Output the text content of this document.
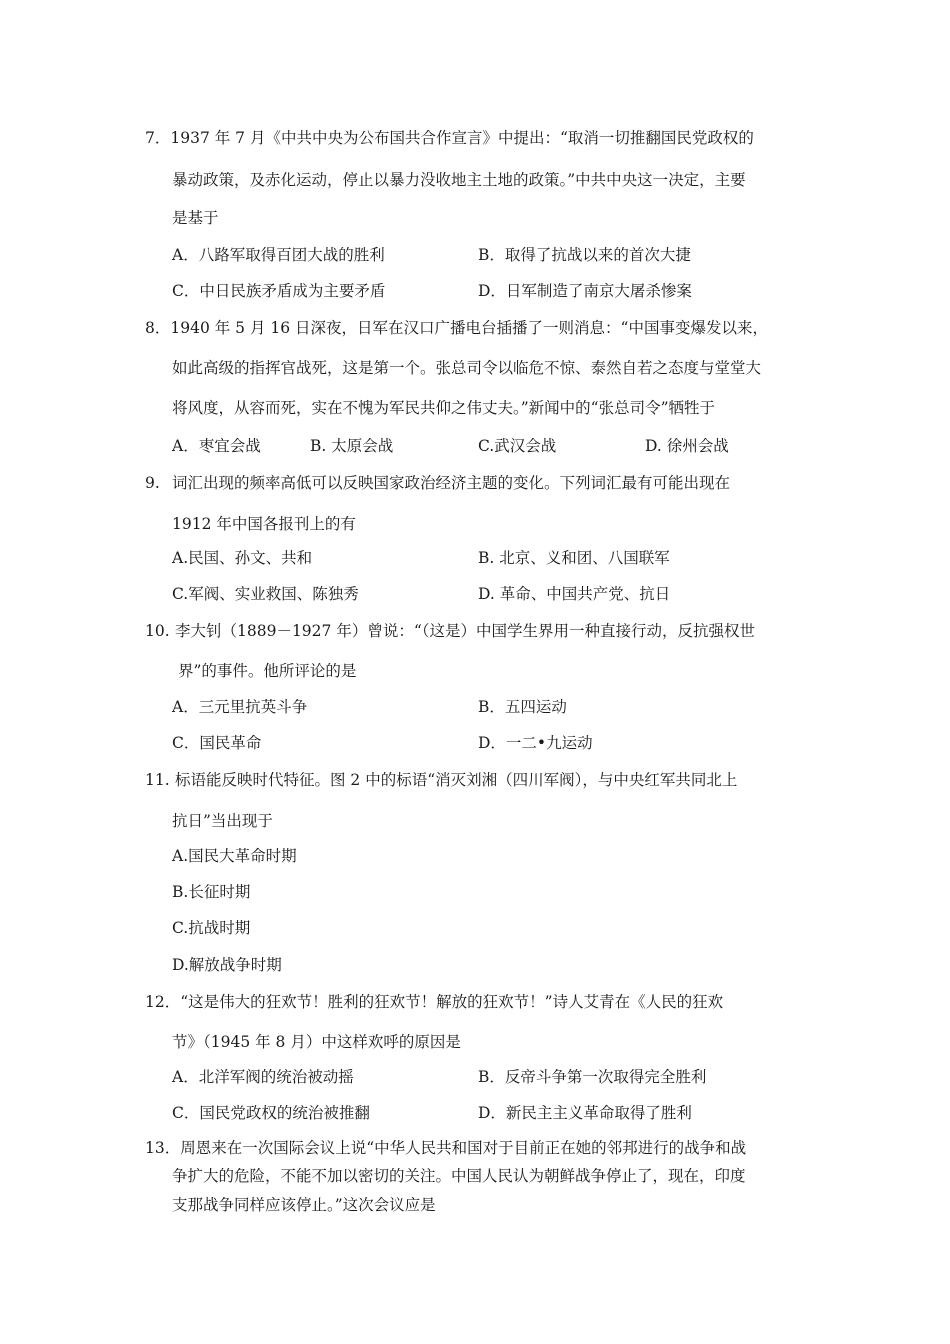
7．1937 年 7 月《中共中央为公布国共合作宣言》中提出：“取消一切推翻国民党政权的
暴动政策，及赤化运动，停止以暴力没收地主土地的政策。”中共中央这一决定，主要
是基于
A．八路军取得百团大战的胜利	B．取得了抗战以来的首次大捷
C．中日民族矛盾成为主要矛盾	D．日军制造了南京大屠杀惨案
8．1940 年 5 月 16 日深夜，日军在汉口广播电台插播了一则消息：“中国事变爆发以来，
如此高级的指挥官战死，这是第一个。张总司令以临危不惊、泰然自若之态度与堂堂大
将风度，从容而死，实在不愧为军民共仰之伟丈夫。”新闻中的“张总司令”牺牲于
A．枣宜会战	B. 太原会战	C.武汉会战	D. 徐州会战
9. 词汇出现的频率高低可以反映国家政治经济主题的变化。下列词汇最有可能出现在
1912 年中国各报刊上的有
A.民国、孙文、共和	B. 北京、义和团、八国联军
C.军阀、实业救国、陈独秀	D. 革命、中国共产党、抗日
10. 李大钊（1889－1927 年）曾说：“（这是）中国学生界用一种直接行动，反抗强权世
界”的事件。他所评论的是
A．三元里抗英斗争	B．五四运动
C．国民革命	D．一二•九运动
11. 标语能反映时代特征。图 2 中的标语“消灭刘湘（四川军阀），与中央红军共同北上
抗日”当出现于
A.国民大革命时期
B.长征时期
C.抗战时期
D.解放战争时期
12．“这是伟大的狂欢节！胜利的狂欢节！解放的狂欢节！”诗人艾青在《人民的狂欢
节》（1945 年 8 月）中这样欢呼的原因是
A．北洋军阀的统治被动摇	B．反帝斗争第一次取得完全胜利
C．国民党政权的统治被推翻	D．新民主主义革命取得了胜利
13．周恩来在一次国际会议上说“中华人民共和国对于目前正在她的邻邦进行的战争和战
争扩大的危险，不能不加以密切的关注。中国人民认为朝鲜战争停止了，现在，印度
支那战争同样应该停止。”这次会议应是
